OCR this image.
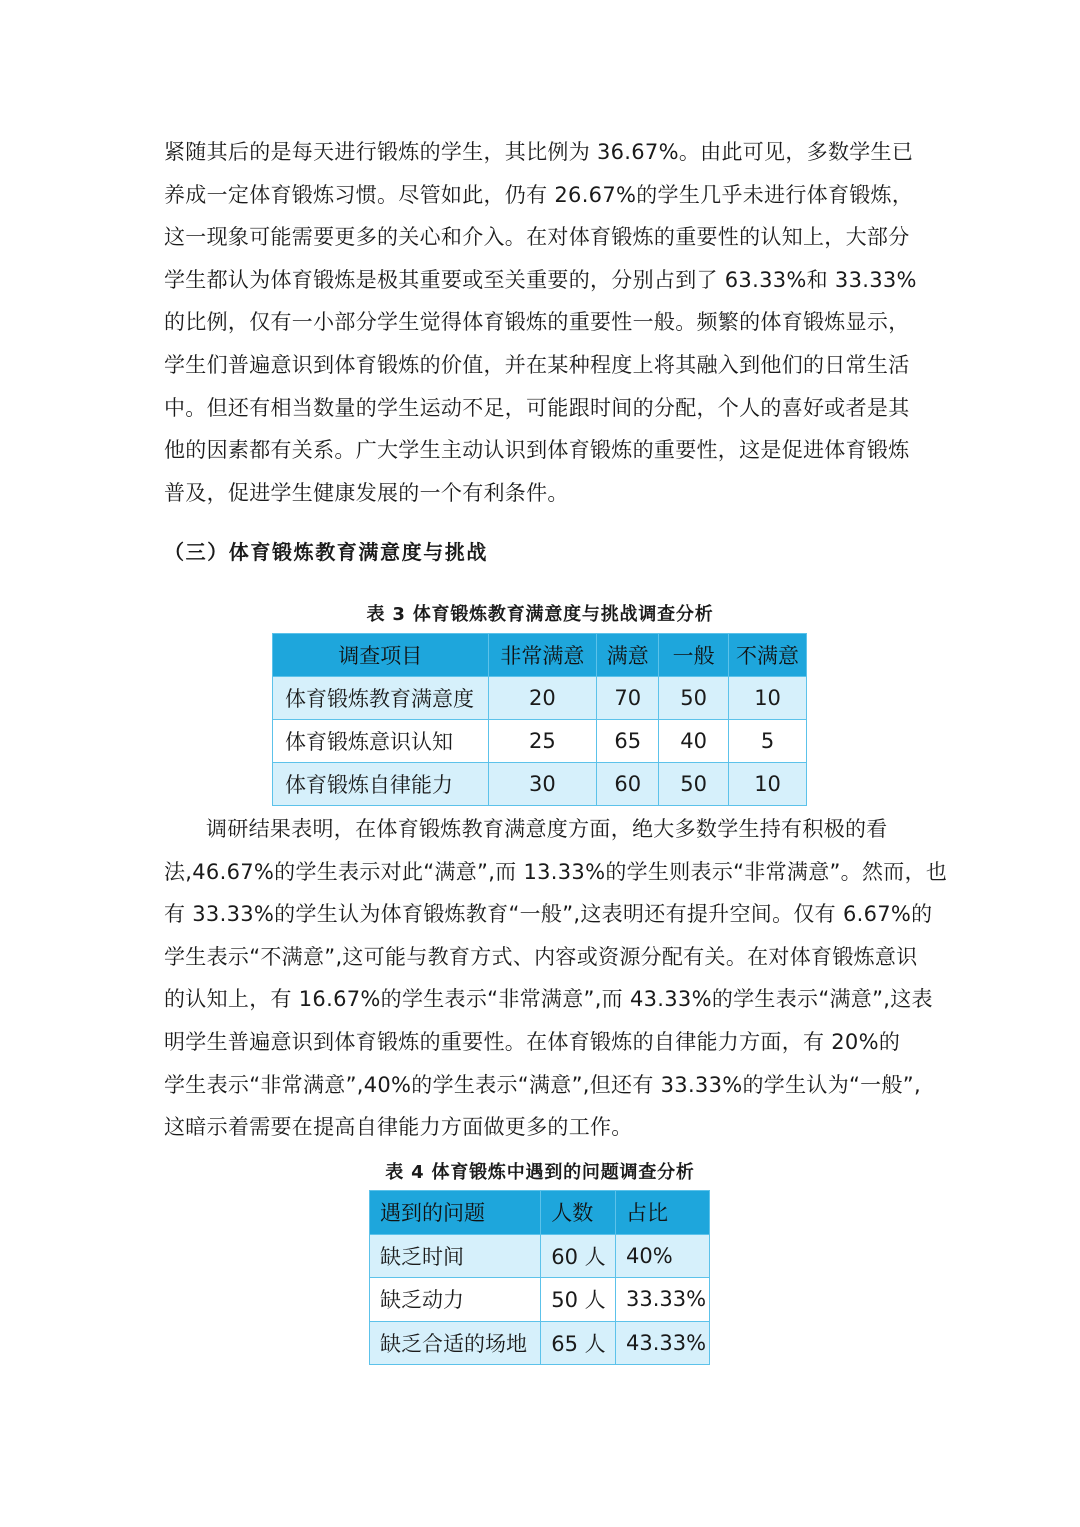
紧随其后的是每天进行锻炼的学生，其比例为 36.67%。由此可见，多数学生已
养成一定体育锻炼习惯。尽管如此，仍有 26.67%的学生几乎未进行体育锻炼，
这一现象可能需要更多的关心和介入。在对体育锻炼的重要性的认知上，大部分
学生都认为体育锻炼是极其重要或至关重要的，分别占到了 63.33%和 33.33%
的比例，仅有一小部分学生觉得体育锻炼的重要性一般。频繁的体育锻炼显示，
学生们普遍意识到体育锻炼的价值，并在某种程度上将其融入到他们的日常生活
中。但还有相当数量的学生运动不足，可能跟时间的分配，个人的喜好或者是其
他的因素都有关系。广大学生主动认识到体育锻炼的重要性，这是促进体育锻炼
普及，促进学生健康发展的一个有利条件。
（三）体育锻炼教育满意度与挑战
表 3 体育锻炼教育满意度与挑战调查分析
调查项目	非常满意	满意	一般	不满意
体育锻炼教育满意度	20	70	50	10
体育锻炼意识认知	25	65	40	5
体育锻炼自律能力	30	60	50	10
调研结果表明，在体育锻炼教育满意度方面，绝大多数学生持有积极的看
法,46.67%的学生表示对此“满意”,而 13.33%的学生则表示“非常满意”。然而，也
有 33.33%的学生认为体育锻炼教育“一般”,这表明还有提升空间。仅有 6.67%的
学生表示“不满意”,这可能与教育方式、内容或资源分配有关。在对体育锻炼意识
的认知上，有 16.67%的学生表示“非常满意”,而 43.33%的学生表示“满意”,这表
明学生普遍意识到体育锻炼的重要性。在体育锻炼的自律能力方面，有 20%的
学生表示“非常满意”,40%的学生表示“满意”,但还有 33.33%的学生认为“一般”,
这暗示着需要在提高自律能力方面做更多的工作。
表 4 体育锻炼中遇到的问题调查分析
遇到的问题	人数	占比
缺乏时间	60 人	40%
缺乏动力	50 人	33.33%
缺乏合适的场地	65 人	43.33%
